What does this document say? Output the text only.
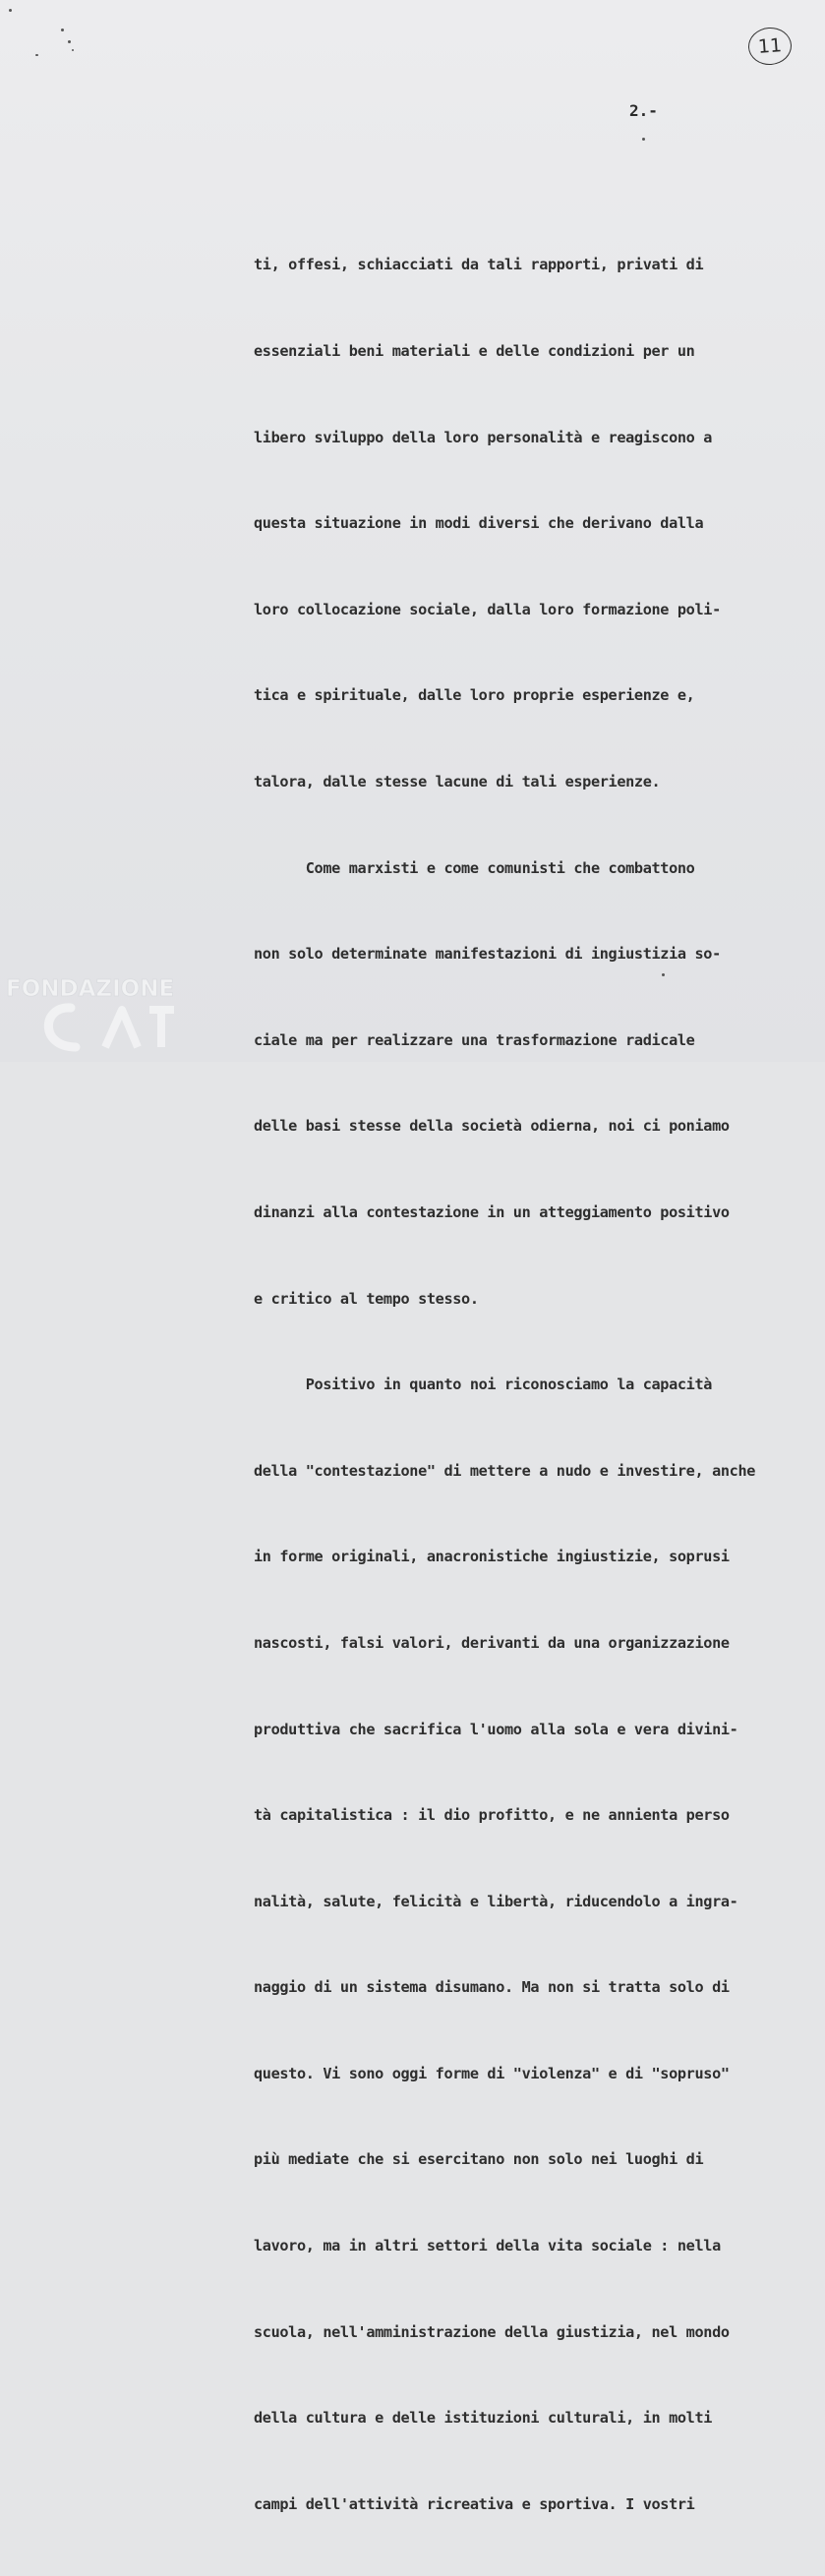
11
2.-

ti, offesi, schiacciati da tali rapporti, privati di

essenziali beni materiali e delle condizioni per un

libero sviluppo della loro personalità e reagiscono a

questa situazione in modi diversi che derivano dalla

loro collocazione sociale, dalla loro formazione poli-

tica e spirituale, dalle loro proprie esperienze e,

talora, dalle stesse lacune di tali esperienze.

Come marxisti e come comunisti che combattono

non solo determinate manifestazioni di ingiustizia so-

ciale ma per realizzare una trasformazione radicale

delle basi stesse della società odierna, noi ci poniamo

dinanzi alla contestazione in un atteggiamento positivo

e critico al tempo stesso.

Positivo in quanto noi riconosciamo la capacità

della "contestazione" di mettere a nudo e investire, anche

in forme originali, anacronistiche ingiustizie, soprusi

nascosti, falsi valori, derivanti da una organizzazione

produttiva che sacrifica l'uomo alla sola e vera divini-

tà capitalistica : il dio profitto, e ne annienta perso

nalità, salute, felicità e libertà, riducendolo a ingra-

naggio di un sistema disumano. Ma non si tratta solo di

questo. Vi sono oggi forme di "violenza" e di "sopruso"

più mediate che si esercitano non solo nei luoghi di

lavoro, ma in altri settori della vita sociale : nella

scuola, nell'amministrazione della giustizia, nel mondo

della cultura e delle istituzioni culturali, in molti

campi dell'attività ricreativa e sportiva. I vostri

FONDAZIONE
